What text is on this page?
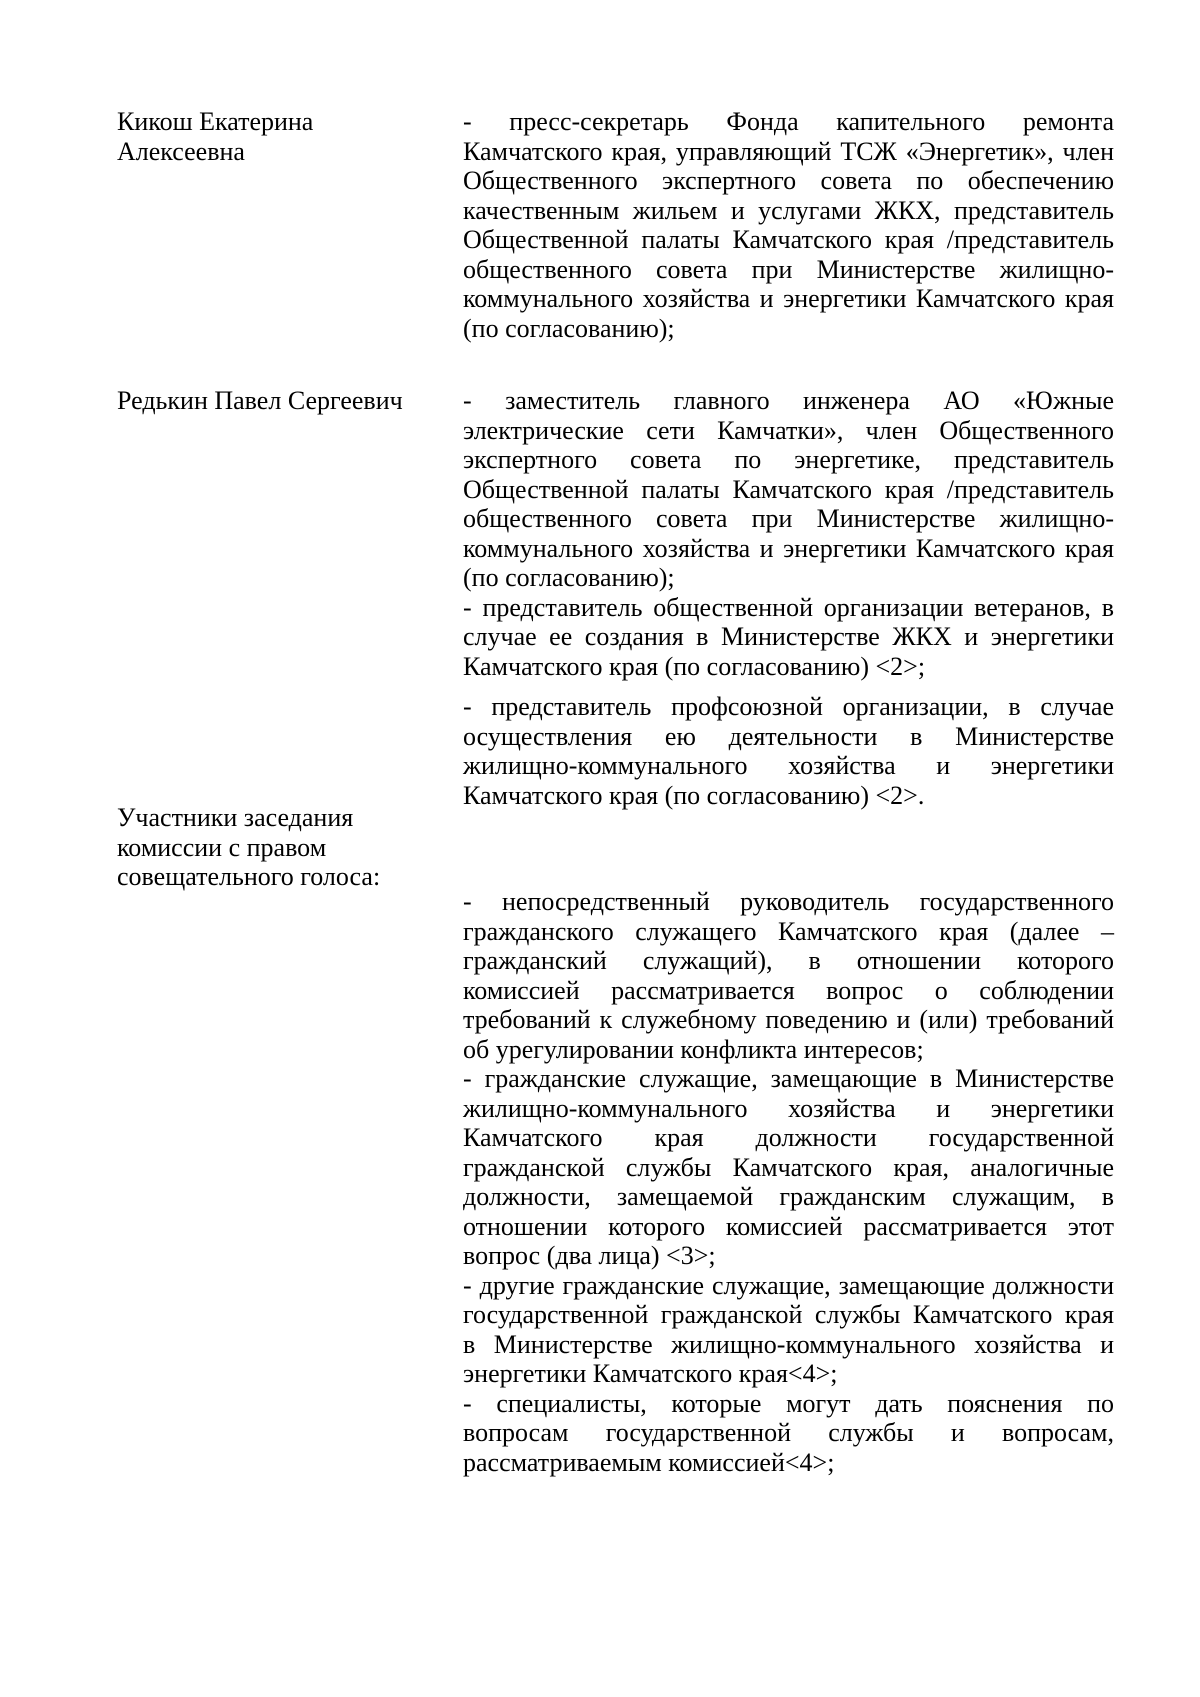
Кикош Екатерина Алексеевна
- пресс-секретарь Фонда капительного ремонта
Камчатского края, управляющий ТСЖ «Энергетик», член
Общественного экспертного совета по обеспечению
качественным жильем и услугами ЖКХ, представитель
Общественной палаты Камчатского края /представитель
общественного совета при Министерстве жилищно-
коммунального хозяйства и энергетики Камчатского края
(по согласованию);
Редькин Павел Сергеевич	- заместитель главного инженера АО «Южные
электрические сети Камчатки», член Общественного
экспертного совета по энергетике, представитель
Общественной палаты Камчатского края /представитель
общественного совета при Министерстве жилищно-
коммунального хозяйства и энергетики Камчатского края
(по согласованию);
- представитель общественной организации ветеранов, в
случае ее создания в Министерстве ЖКХ и энергетики
Камчатского края (по согласованию) <2>;
- представитель профсоюзной организации, в случае
осуществления ею деятельности в Министерстве
жилищно-коммунального хозяйства и энергетики
Камчатского края (по согласованию) <2>.
Участники заседания
комиссии с правом
совещательного голоса:
- непосредственный руководитель государственного
гражданского служащего Камчатского края (далее –
гражданский служащий), в отношении которого
комиссией рассматривается вопрос о соблюдении
требований к служебному поведению и (или) требований
об урегулировании конфликта интересов;
- гражданские служащие, замещающие в Министерстве
жилищно-коммунального хозяйства и энергетики
Камчатского края должности государственной
гражданской службы Камчатского края, аналогичные
должности, замещаемой гражданским служащим, в
отношении которого комиссией рассматривается этот
вопрос (два лица) <3>;
- другие гражданские служащие, замещающие должности
государственной гражданской службы Камчатского края
в Министерстве жилищно-коммунального хозяйства и
энергетики Камчатского края<4>;
- специалисты, которые могут дать пояснения по
вопросам государственной службы и вопросам,
рассматриваемым комиссией<4>;
